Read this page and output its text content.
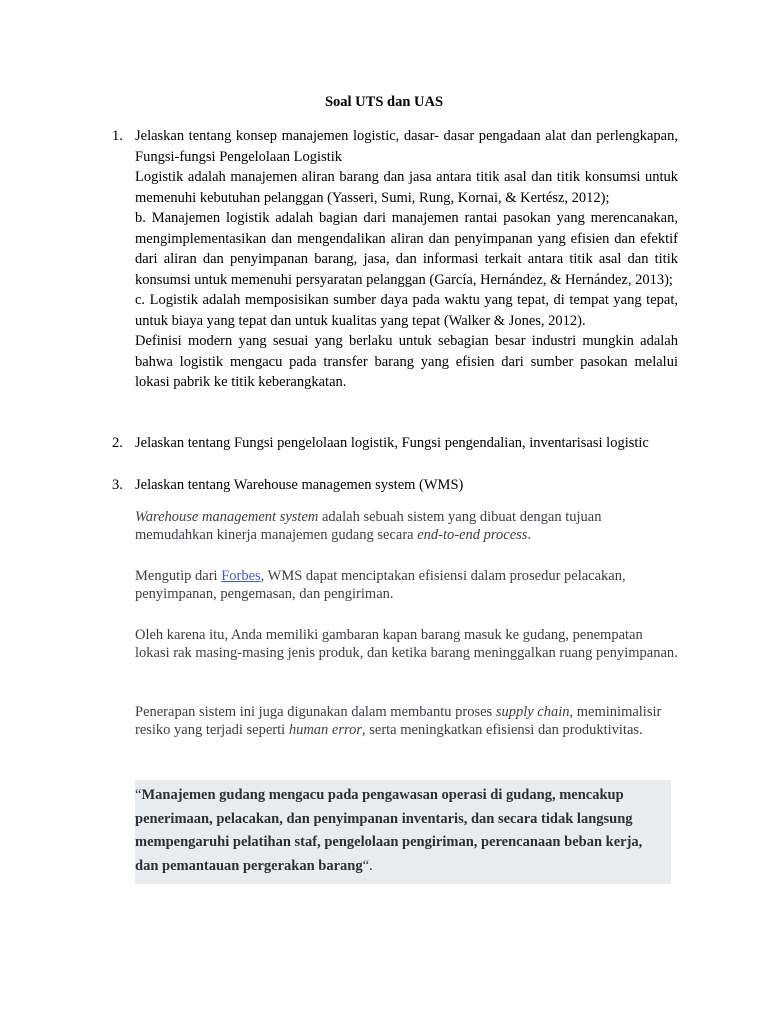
Soal UTS dan UAS
1. Jelaskan tentang konsep manajemen logistic, dasar- dasar pengadaan alat dan perlengkapan, Fungsi-fungsi Pengelolaan Logistik

Logistik adalah manajemen aliran barang dan jasa antara titik asal dan titik konsumsi untuk memenuhi kebutuhan pelanggan (Yasseri, Sumi, Rung, Kornai, & Kertész, 2012);

b. Manajemen logistik adalah bagian dari manajemen rantai pasokan yang merencanakan, mengimplementasikan dan mengendalikan aliran dan penyimpanan yang efisien dan efektif dari aliran dan penyimpanan barang, jasa, dan informasi terkait antara titik asal dan titik konsumsi untuk memenuhi persyaratan pelanggan (García, Hernández, & Hernández, 2013);

c. Logistik adalah memposisikan sumber daya pada waktu yang tepat, di tempat yang tepat, untuk biaya yang tepat dan untuk kualitas yang tepat (Walker & Jones, 2012).

Definisi modern yang sesuai yang berlaku untuk sebagian besar industri mungkin adalah bahwa logistik mengacu pada transfer barang yang efisien dari sumber pasokan melalui lokasi pabrik ke titik keberangkatan.

2. Jelaskan tentang Fungsi pengelolaan logistik, Fungsi pengendalian, inventarisasi logistic

3. Jelaskan tentang Warehouse managemen system (WMS)

Warehouse management system adalah sebuah sistem yang dibuat dengan tujuan memudahkan kinerja manajemen gudang secara end-to-end process.

Mengutip dari Forbes, WMS dapat menciptakan efisiensi dalam prosedur pelacakan, penyimpanan, pengemasan, dan pengiriman.

Oleh karena itu, Anda memiliki gambaran kapan barang masuk ke gudang, penempatan lokasi rak masing-masing jenis produk, dan ketika barang meninggalkan ruang penyimpanan.

Penerapan sistem ini juga digunakan dalam membantu proses supply chain, meminimalisir resiko yang terjadi seperti human error, serta meningkatkan efisiensi dan produktivitas.

“Manajemen gudang mengacu pada pengawasan operasi di gudang, mencakup penerimaan, pelacakan, dan penyimpanan inventaris, dan secara tidak langsung mempengaruhi pelatihan staf, pengelolaan pengiriman, perencanaan beban kerja, dan pemantauan pergerakan barang“.
